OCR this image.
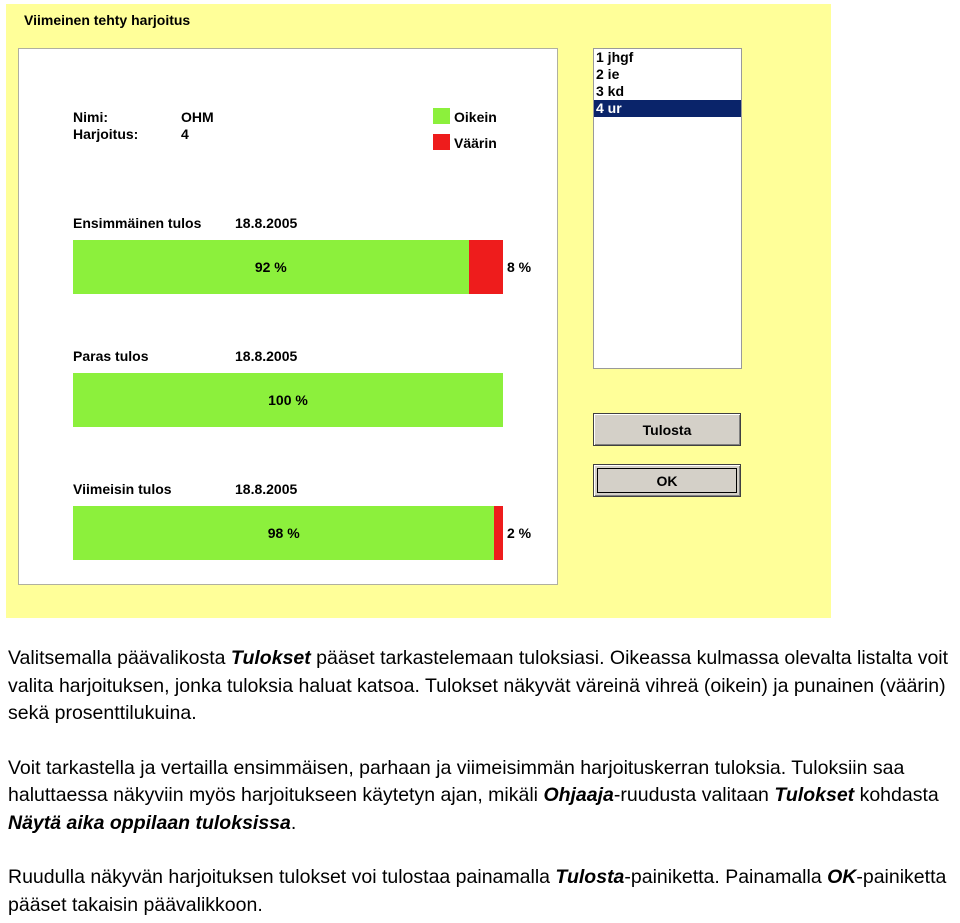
Viimeinen tehty harjoitus
Nimi:	OHM
Harjoitus:	4
Oikein
Väärin
Ensimmäinen tulos 18.8.2005
92 %	8 %
Paras tulos	18.8.2005
100 %
Viimeisin tulos	18.8.2005
98 %	2 %
1 jhgf
2 ie
3 kd
4 ur
Tulosta
OK

Valitsemalla päävalikosta Tulokset pääset tarkastelemaan tuloksiasi. Oikeassa kulmassa olevalta listalta voit valita harjoituksen, jonka tuloksia haluat katsoa. Tulokset näkyvät väreinä vihreä (oikein) ja punainen (väärin) sekä prosenttilukuina.

Voit tarkastella ja vertailla ensimmäisen, parhaan ja viimeisimmän harjoituskerran tuloksia. Tuloksiin saa haluttaessa näkyviin myös harjoitukseen käytetyn ajan, mikäli Ohjaaja-ruudusta valitaan Tulokset kohdasta Näytä aika oppilaan tuloksissa.

Ruudulla näkyvän harjoituksen tulokset voi tulostaa painamalla Tulosta-painiketta. Painamalla OK-painiketta pääset takaisin päävalikkoon.
